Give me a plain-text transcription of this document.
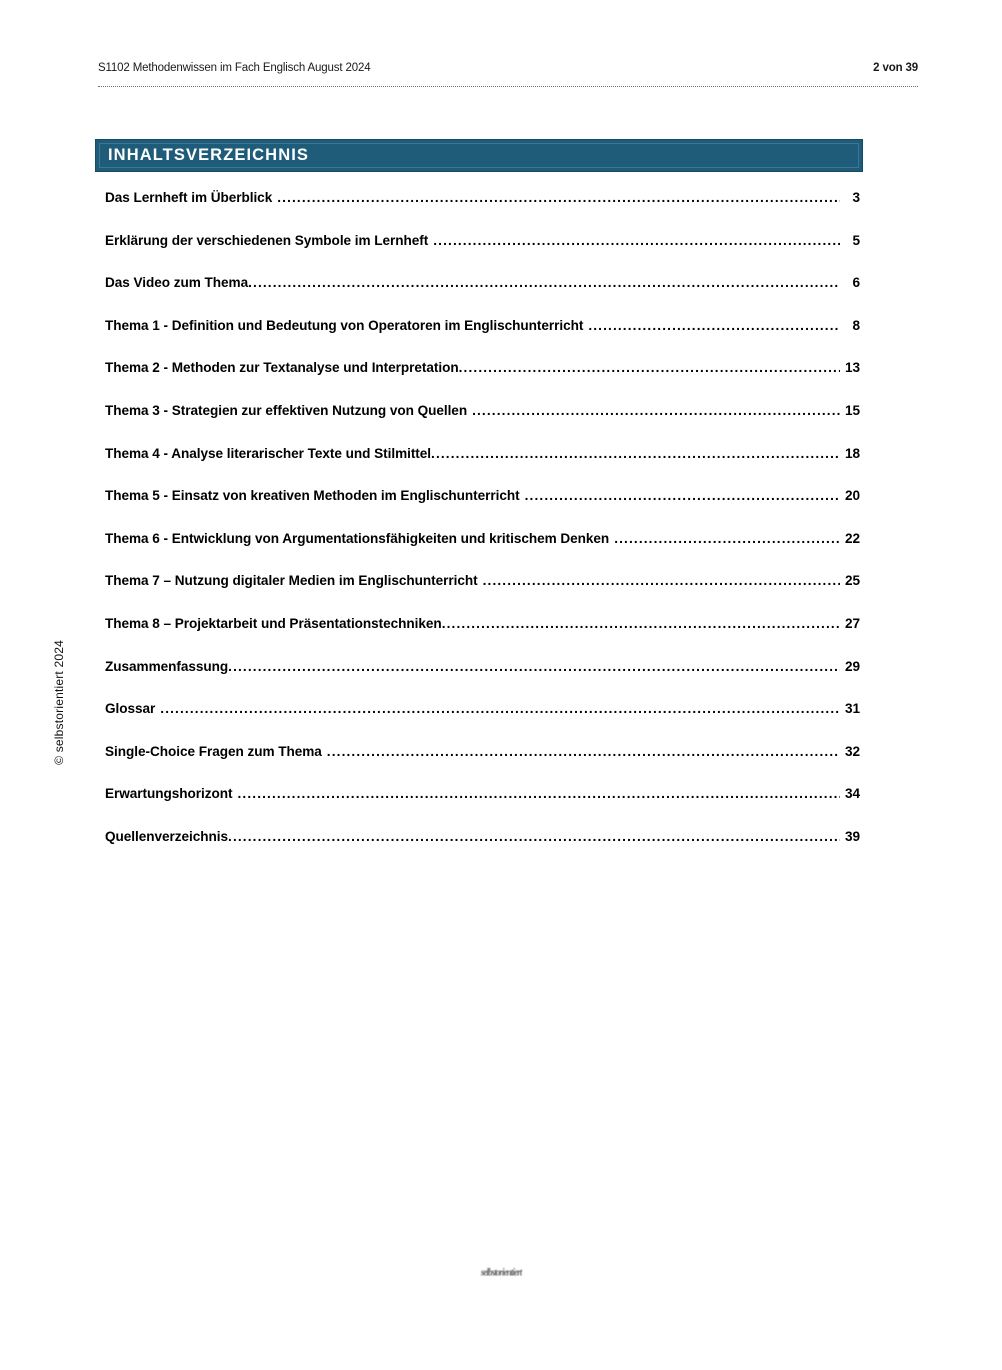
S1102 Methodenwissen im Fach Englisch August 2024	2 von 39
© selbstorientiert 2024
INHALTSVERZEICHNIS
Das Lernheft im Überblick .....	3
Erklärung der verschiedenen Symbole im Lernheft .....	5
Das Video zum Thema .....	6
Thema 1 - Definition und Bedeutung von Operatoren im Englischunterricht .....	8
Thema 2 - Methoden zur Textanalyse und Interpretation .....	13
Thema 3 - Strategien zur effektiven Nutzung von Quellen .....	15
Thema 4 - Analyse literarischer Texte und Stilmittel .....	18
Thema 5 - Einsatz von kreativen Methoden im Englischunterricht .....	20
Thema 6 - Entwicklung von Argumentationsfähigkeiten und kritischem Denken .....	22
Thema 7 – Nutzung digitaler Medien im Englischunterricht .....	25
Thema 8 – Projektarbeit und Präsentationstechniken .....	27
Zusammenfassung .....	29
Glossar .....	31
Single-Choice Fragen zum Thema .....	32
Erwartungshorizont .....	34
Quellenverzeichnis .....	39
selbstorientiert
